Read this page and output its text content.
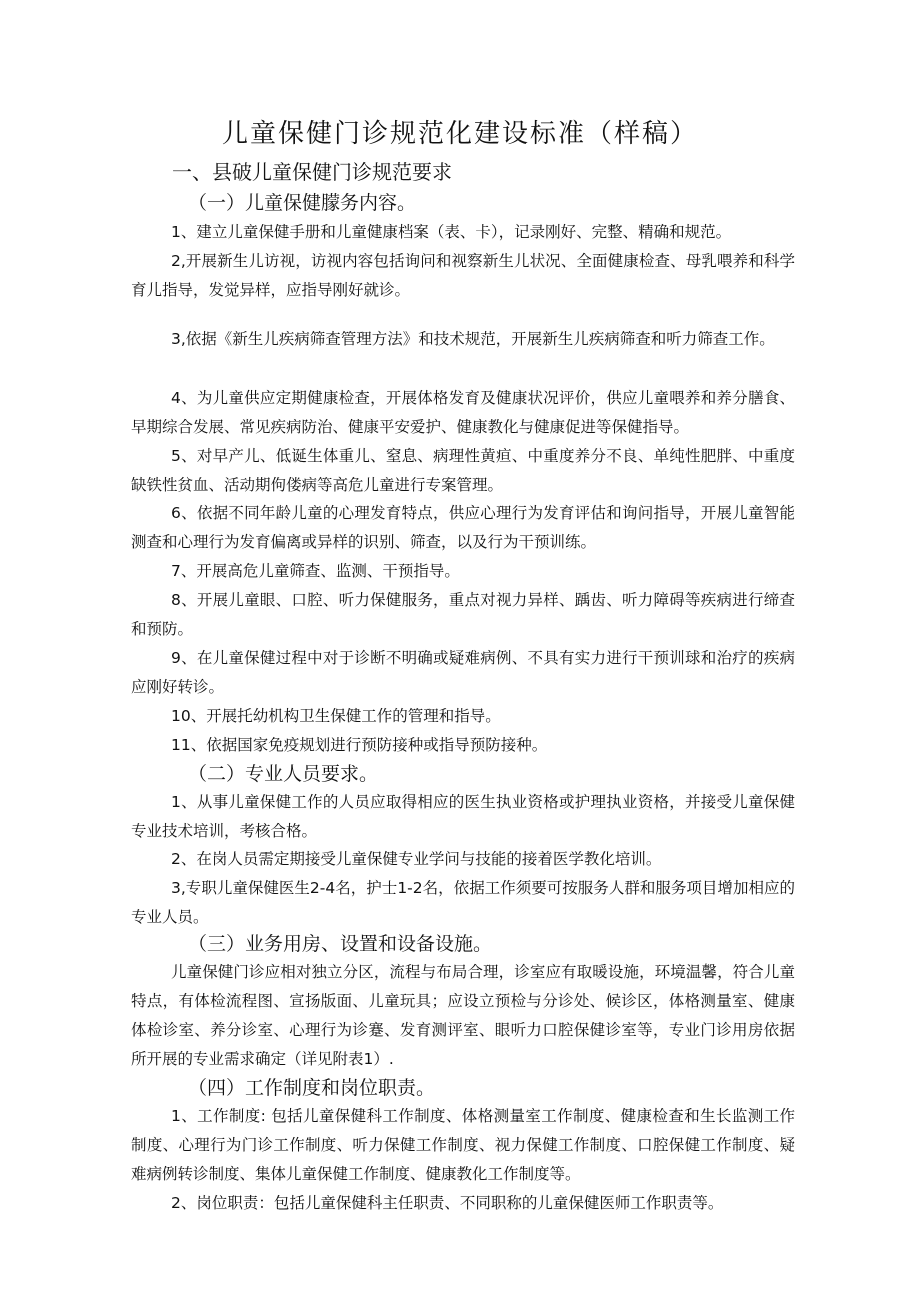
儿童保健门诊规范化建设标准（样稿）
一、县破儿童保健门诊规范要求
（一）儿童保健朦务内容。

1、建立儿童保健手册和儿童健康档案（表、卡），记录刚好、完整、精确和规范。

2,开展新生儿访视，访视内容包括询问和视察新生儿状况、全面健康检查、母乳喂养和科学育儿指导，发觉异样，应指导刚好就诊。

3,依据《新生儿疾病筛查管理方法》和技术规范，开展新生儿疾病筛查和听力筛查工作。

4、为儿童供应定期健康检查，开展体格发育及健康状况评价，供应儿童喂养和养分膳食、早期综合发展、常见疾病防治、健康平安爱护、健康教化与健康促进等保健指导。

5、对早产儿、低诞生体重儿、窒息、病理性黄疸、中重度养分不良、单纯性肥胖、中重度缺铁性贫血、活动期佝偻病等高危儿童进行专案管理。

6、依据不同年龄儿童的心理发育特点，供应心理行为发育评估和询问指导，开展儿童智能测查和心理行为发育偏离或异样的识别、筛查，以及行为干预训练。

7、开展高危儿童筛查、监测、干预指导。

8、开展儿童眼、口腔、听力保健服务，重点对视力异样、踽齿、听力障碍等疾病进行缔查和预防。

9、在儿童保健过程中对于诊断不明确或疑难病例、不具有实力进行干预训球和治疗的疾病应刚好转诊。

10、开展托幼机构卫生保健工作的管理和指导。

11、依据国家免疫规划进行预防接种或指导预防接种。

（二）专业人员要求。

1、从事儿童保健工作的人员应取得相应的医生执业资格或护理执业资格，并接受儿童保健专业技术培训，考核合格。

2、在岗人员需定期接受儿童保健专业学问与技能的接着医学教化培训。

3,专职儿童保健医生2-4名，护士1-2名，依据工作须要可按服务人群和服务项目增加相应的专业人员。

（三）业务用房、设置和设备设施。

儿童保健门诊应相对独立分区，流程与布局合理，诊室应有取暖设施，环境温馨，符合儿童特点，有体检流程图、宣扬版面、儿童玩具；应设立预检与分诊处、候诊区，体格测量室、健康体检诊室、养分诊室、心理行为诊蹇、发育测评室、眼听力口腔保健诊室等，专业门诊用房依据所开展的专业需求确定（详见附表1）.

（四）工作制度和岗位职责。

1、工作制度: 包括儿童保健科工作制度、体格测量室工作制度、健康检查和生长监测工作制度、心理行为门诊工作制度、听力保健工作制度、视力保健工作制度、口腔保健工作制度、疑难病例转诊制度、集体儿童保健工作制度、健康教化工作制度等。

2、岗位职责：包括儿童保健科主任职责、不同职称的儿童保健医师工作职责等。
